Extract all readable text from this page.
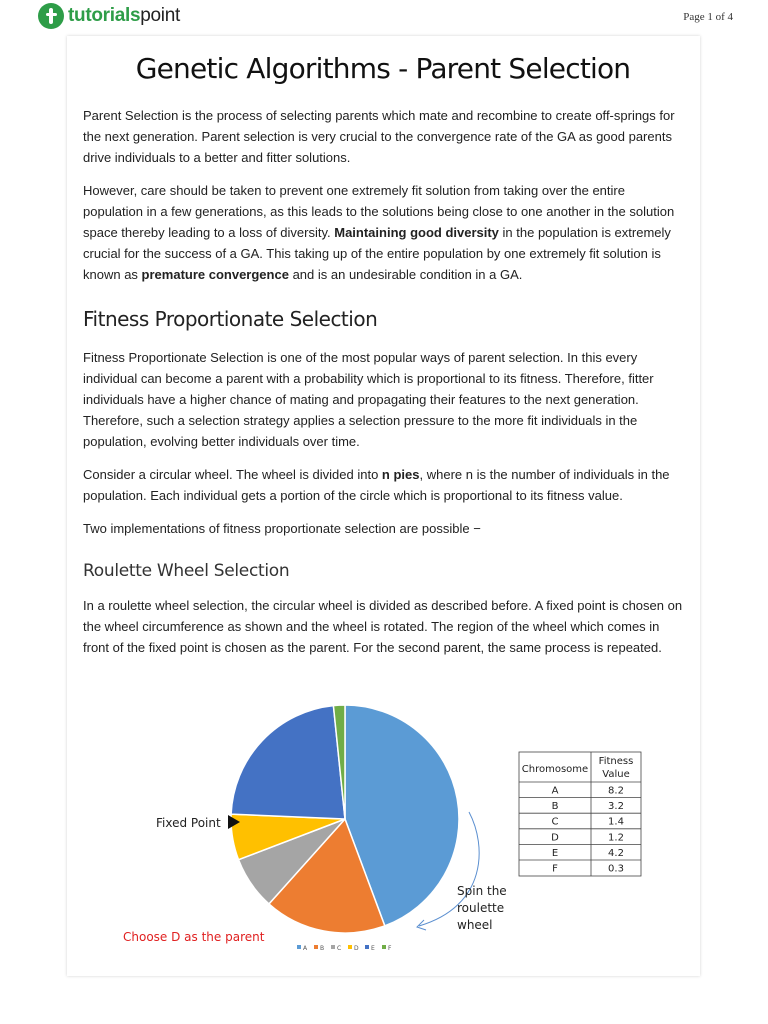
tutorialspoint	Page 1 of 4
Genetic Algorithms - Parent Selection

Parent Selection is the process of selecting parents which mate and recombine to create off-springs for the next generation. Parent selection is very crucial to the convergence rate of the GA as good parents drive individuals to a better and fitter solutions.

However, care should be taken to prevent one extremely fit solution from taking over the entire population in a few generations, as this leads to the solutions being close to one another in the solution space thereby leading to a loss of diversity. Maintaining good diversity in the population is extremely crucial for the success of a GA. This taking up of the entire population by one extremely fit solution is known as premature convergence and is an undesirable condition in a GA.

Fitness Proportionate Selection

Fitness Proportionate Selection is one of the most popular ways of parent selection. In this every individual can become a parent with a probability which is proportional to its fitness. Therefore, fitter individuals have a higher chance of mating and propagating their features to the next generation. Therefore, such a selection strategy applies a selection pressure to the more fit individuals in the population, evolving better individuals over time.

Consider a circular wheel. The wheel is divided into n pies, where n is the number of individuals in the population. Each individual gets a portion of the circle which is proportional to its fitness value.

Two implementations of fitness proportionate selection are possible −

Roulette Wheel Selection

In a roulette wheel selection, the circular wheel is divided as described before. A fixed point is chosen on the wheel circumference as shown and the wheel is rotated. The region of the wheel which comes in front of the fixed point is chosen as the parent. For the second parent, the same process is repeated.

Fixed Point
Choose D as the parent
Spin the
roulette
wheel
Chromosome
Fitness
Value
A	8.2
B	3.2
C	1.4
D	1.2
E	4.2
F	0.3
A B C D E F
